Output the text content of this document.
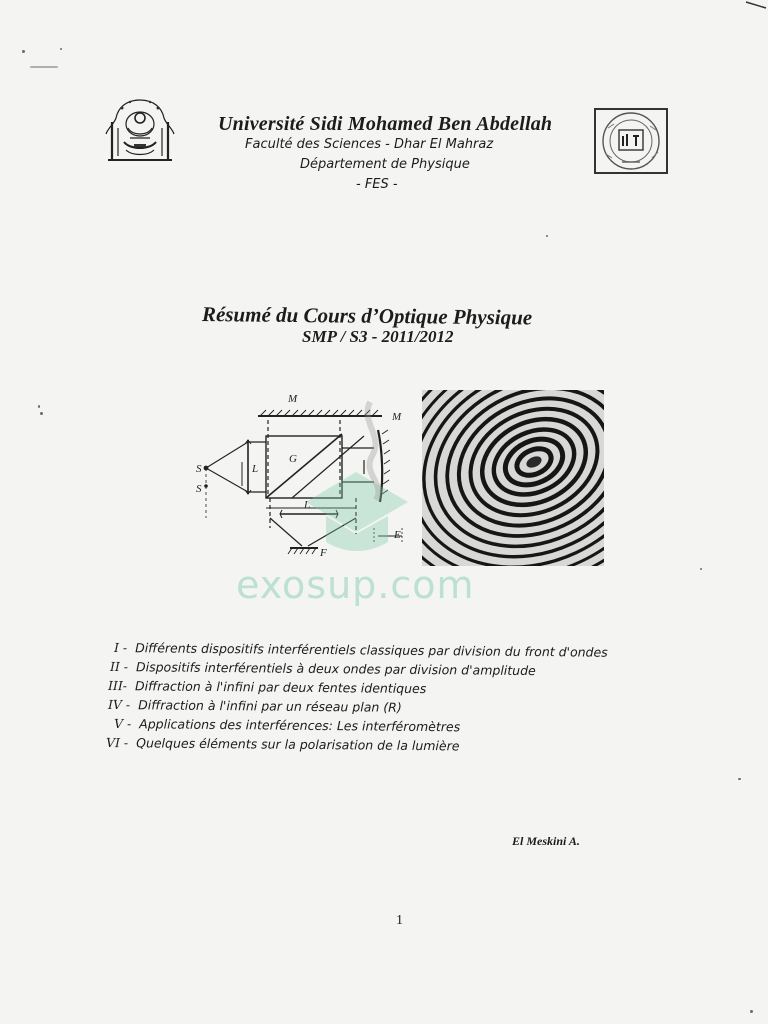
Université Sidi Mohamed Ben Abdellah
Faculté des Sciences - Dhar El Mahraz
Département de Physique
- FES -
Résumé du Cours d’Optique Physique
SMP / S3 - 2011/2012
S
S
G
L
L
F
E
M
M
exosup.com
I - Différents dispositifs interférentiels classiques par division du front d'ondes
II - Dispositifs interférentiels à deux ondes par division d'amplitude
III- Diffraction à l'infini par deux fentes identiques
IV - Diffraction à l'infini par un réseau plan (R)
V - Applications des interférences: Les interféromètres
VI - Quelques éléments sur la polarisation de la lumière
El Meskini A.
1
